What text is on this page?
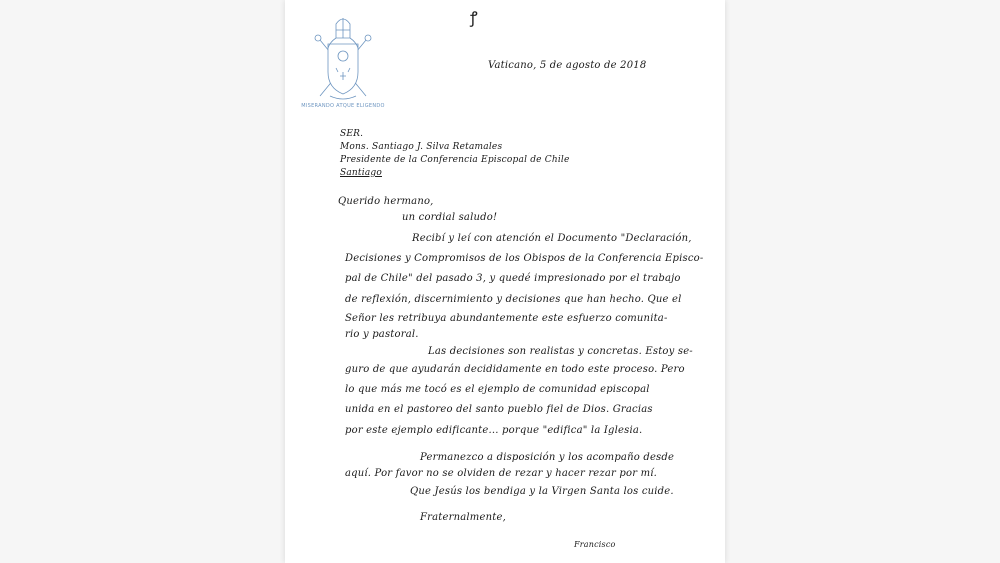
MISERANDO ATQUE ELIGENDO
ꝭ
Vaticano, 5 de agosto de 2018
SER.
Mons. Santiago J. Silva Retamales
Presidente de la Conferencia Episcopal de Chile
Santiago
Querido hermano,
un cordial saludo!
Recibí y leí con atención el Documento "Declaración,
Decisiones y Compromisos de los Obispos de la Conferencia Episco-
pal de Chile" del pasado 3, y quedé impresionado por el trabajo
de reflexión, discernimiento y decisiones que han hecho. Que el
Señor les retribuya abundantemente este esfuerzo comunita-
rio y pastoral.
Las decisiones son realistas y concretas. Estoy se-
guro de que ayudarán decididamente en todo este proceso. Pero
lo que más me tocó es el ejemplo de comunidad episcopal
unida en el pastoreo del santo pueblo fiel de Dios. Gracias
por este ejemplo edificante... porque "edifica" la Iglesia.
Permanezco a disposición y los acompaño desde
aquí. Por favor no se olviden de rezar y hacer rezar por mí.
Que Jesús los bendiga y la Virgen Santa los cuide.
Fraternalmente,
Francisco
